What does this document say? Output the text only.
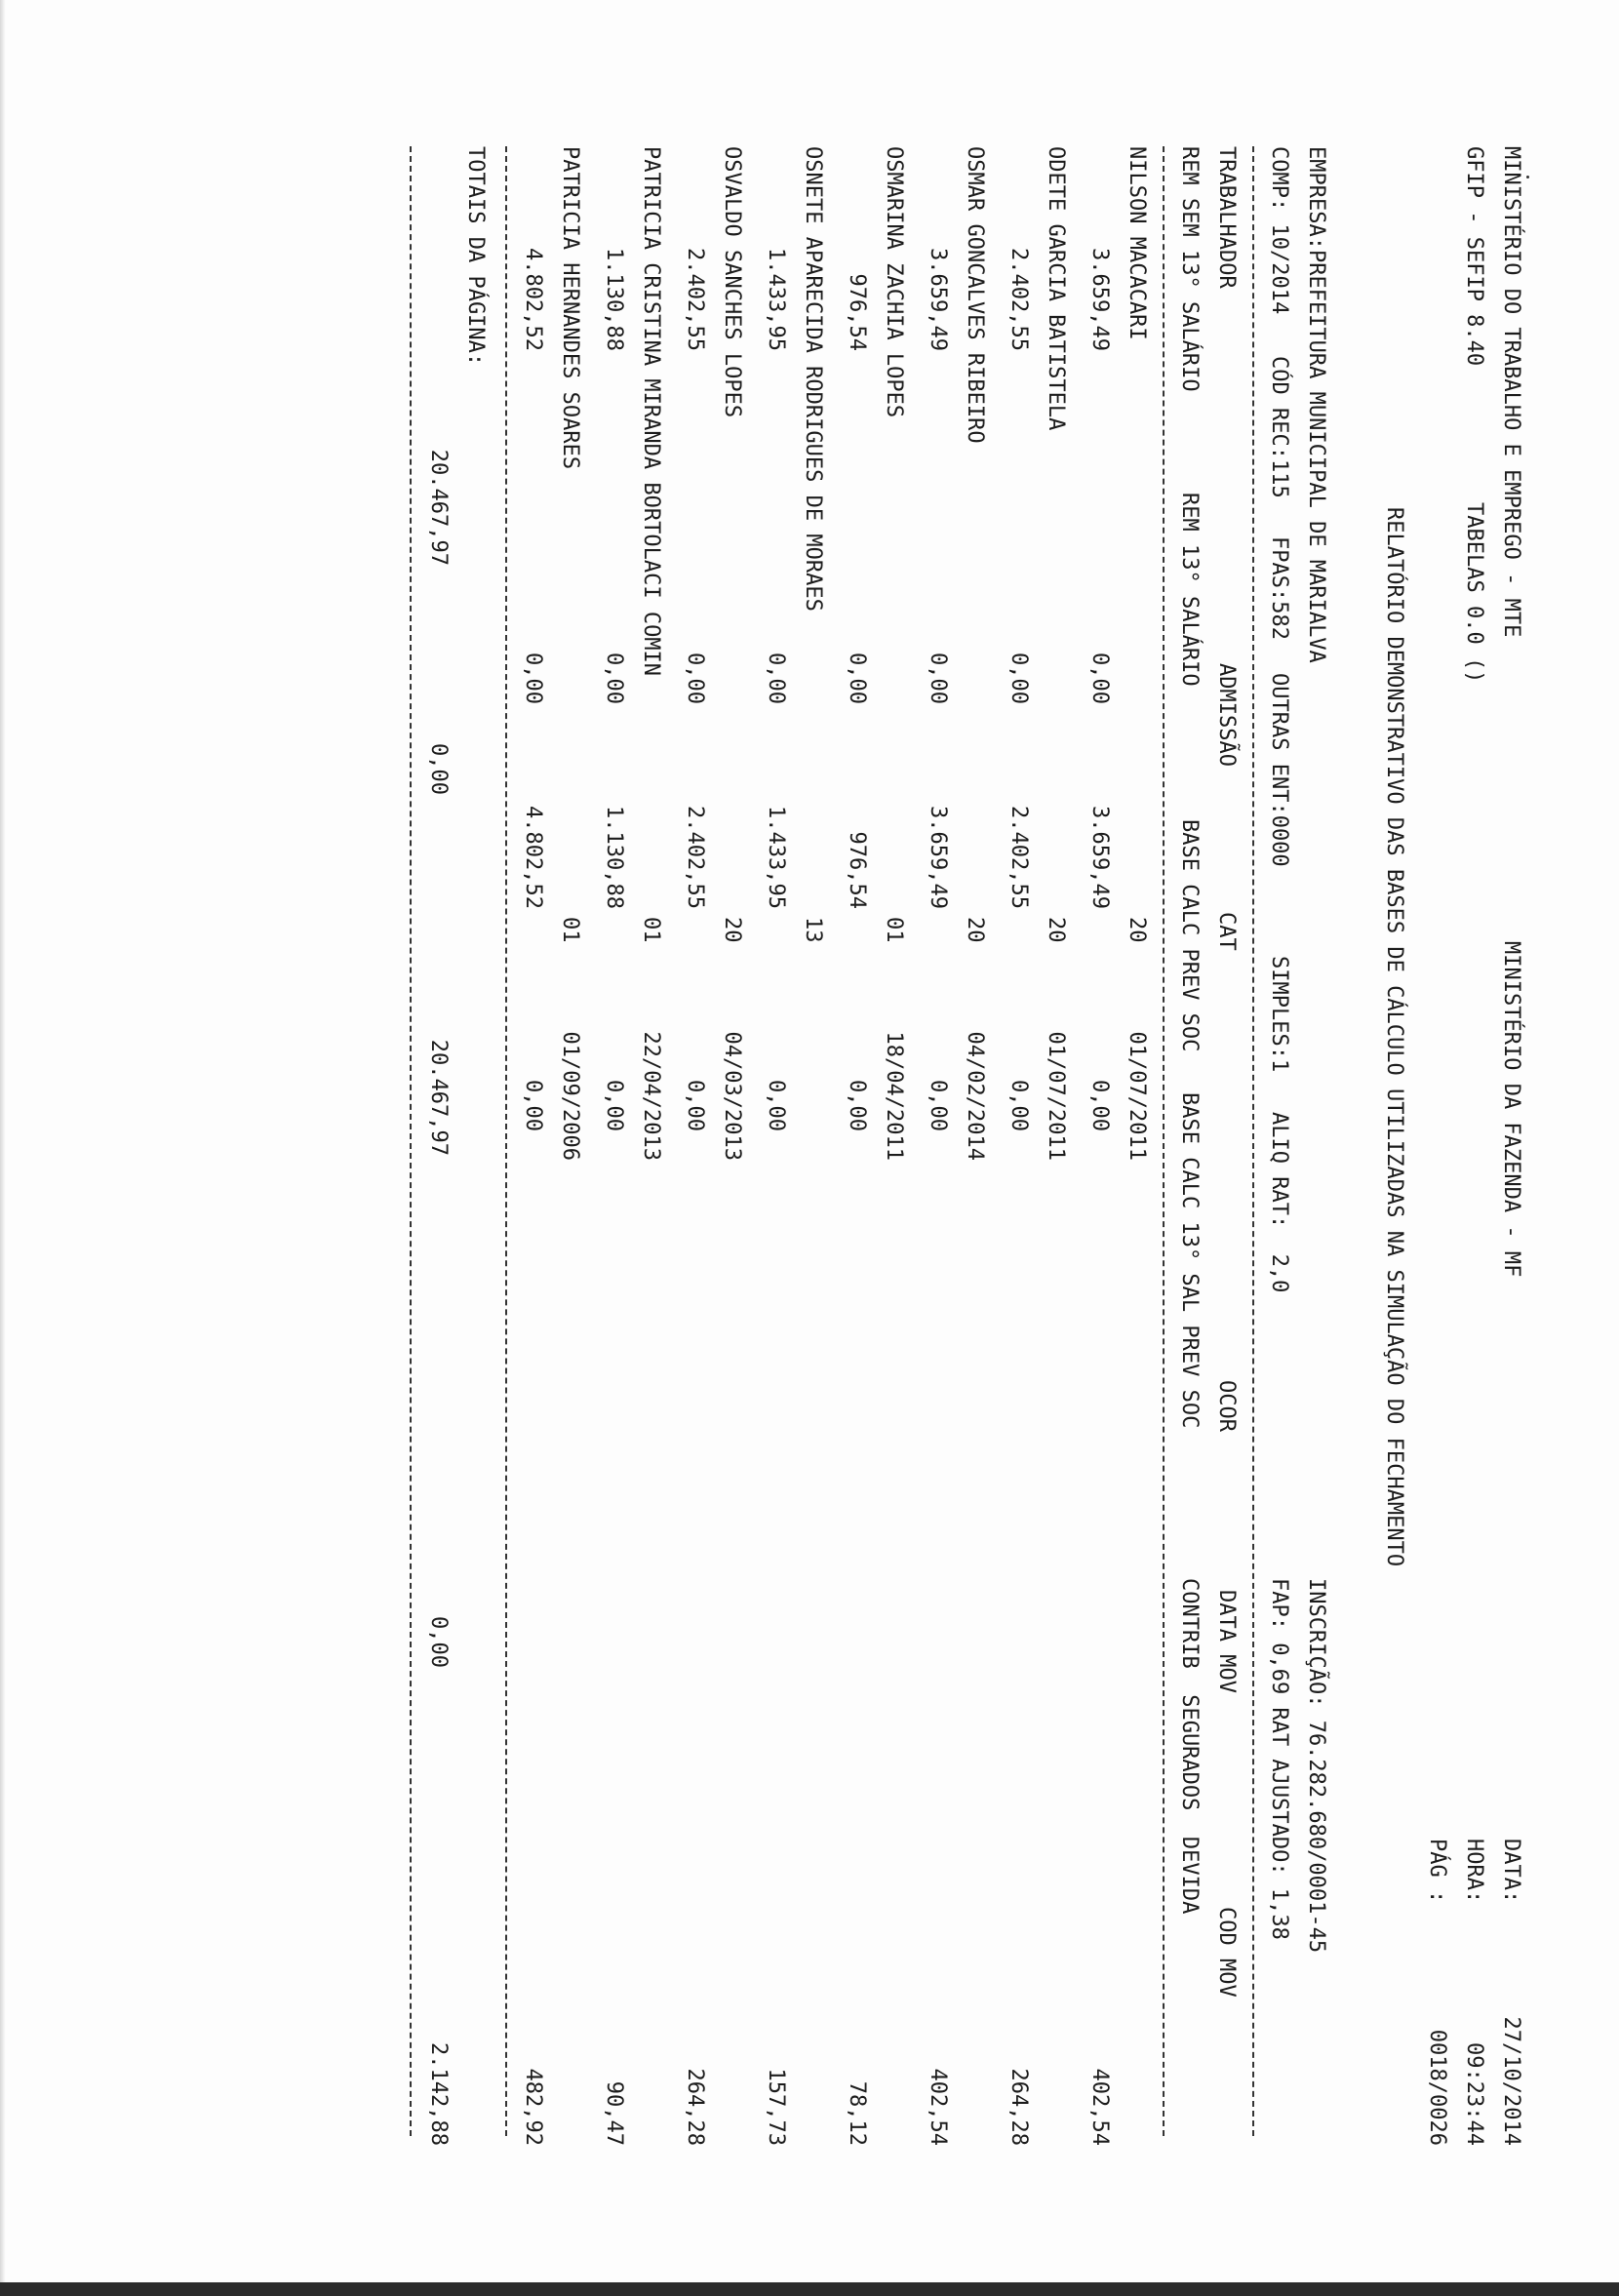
MINISTÉRIO DO TRABALHO E EMPREGO - MTE
MINISTÉRIO DA FAZENDA - MF
DATA:
27/10/2014
GFIP - SEFIP 8.40
TABELAS 0.0 ()
HORA:
09:23:44
PÁG :
0018/0026
RELATÓRIO DEMONSTRATIVO DAS BASES DE CÁLCULO UTILIZADAS NA SIMULAÇÃO DO FECHAMENTO
EMPRESA:PREFEITURA MUNICIPAL DE MARIALVA
INSCRIÇÃO: 76.282.680/0001-45
COMP: 10/2014
CÓD REC:115
FPAS:582
OUTRAS ENT:0000
SIMPLES:1
ALIQ RAT:  2,0
FAP: 0,69 RAT AJUSTADO: 1,38
TRABALHADOR
ADMISSÃO
CAT
OCOR
DATA MOV
COD MOV
REM SEM 13° SALÁRIO
REM 13° SALÁRIO
BASE CALC PREV SOC
BASE CALC 13° SAL PREV SOC
CONTRIB  SEGURADOS  DEVIDA
NILSON MACACARI
01/07/2011
20
3.659,49
0,00
3.659,49
0,00
402,54
ODETE GARCIA BATISTELA
01/07/2011
20
2.402,55
0,00
2.402,55
0,00
264,28
OSMAR GONCALVES RIBEIRO
04/02/2014
20
3.659,49
0,00
3.659,49
0,00
402,54
OSMARINA ZACHIA LOPES
18/04/2011
01
976,54
0,00
976,54
0,00
78,12
OSNETE APARECIDA RODRIGUES DE MORAES
13
1.433,95
0,00
1.433,95
0,00
157,73
OSVALDO SANCHES LOPES
04/03/2013
20
2.402,55
0,00
2.402,55
0,00
264,28
PATRICIA CRISTINA MIRANDA BORTOLACI COMIN
22/04/2013
01
1.130,88
0,00
1.130,88
0,00
90,47
PATRICIA HERNANDES SOARES
01/09/2006
01
4.802,52
0,00
4.802,52
0,00
482,92
TOTAIS DA PÁGINA:
20.467,97
0,00
20.467,97
0,00
2.142,88
